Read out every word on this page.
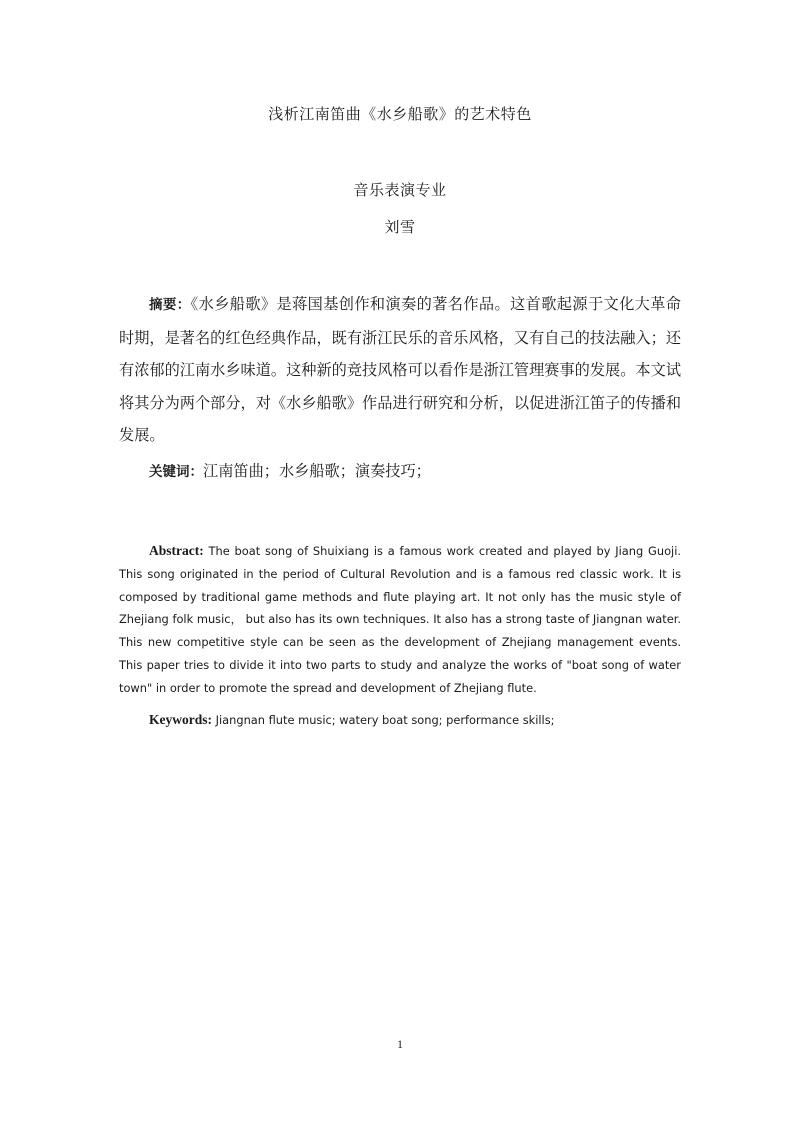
浅析江南笛曲《水乡船歌》的艺术特色
音乐表演专业
刘雪

摘要：《水乡船歌》是蒋国基创作和演奏的著名作品。这首歌起源于文化大革命时期，是著名的红色经典作品，既有浙江民乐的音乐风格，又有自己的技法融入；还有浓郁的江南水乡味道。这种新的竞技风格可以看作是浙江管理赛事的发展。本文试将其分为两个部分，对《水乡船歌》作品进行研究和分析，以促进浙江笛子的传播和发展。

关键词：江南笛曲；水乡船歌；演奏技巧；

Abstract: The boat song of Shuixiang is a famous work created and played by Jiang Guoji. This song originated in the period of Cultural Revolution and is a famous red classic work. It is composed by traditional game methods and flute playing art. It not only has the music style of Zhejiang folk music， but also has its own techniques. It also has a strong taste of Jiangnan water. This new competitive style can be seen as the development of Zhejiang management events. This paper tries to divide it into two parts to study and analyze the works of "boat song of water town" in order to promote the spread and development of Zhejiang flute.

Keywords: Jiangnan flute music; watery boat song; performance skills;

1
